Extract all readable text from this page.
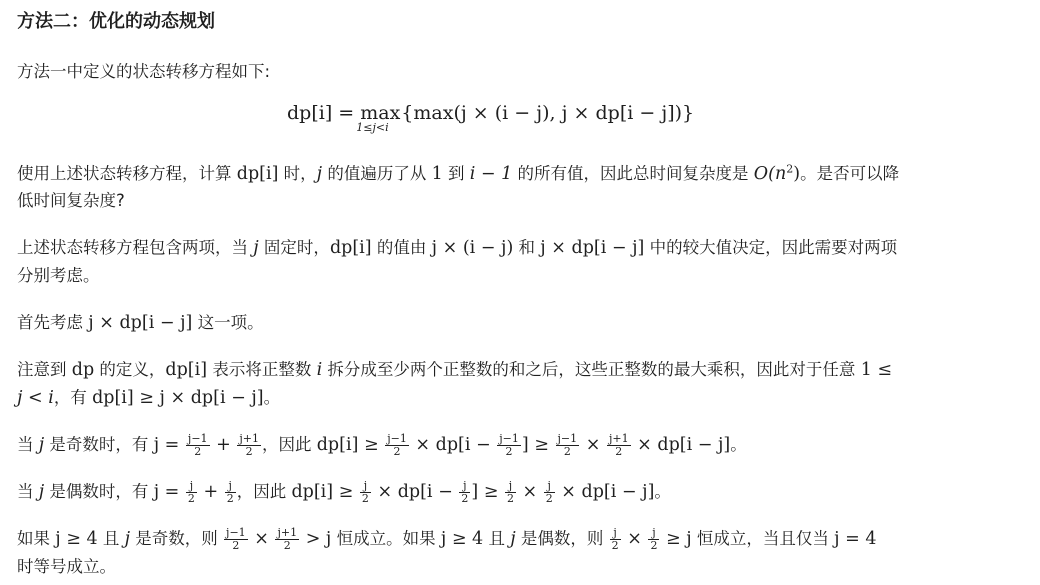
方法二：优化的动态规划
方法一中定义的状态转移方程如下:
dp[i] = max
1≤j<i
{max(j × (i − j), j × dp[i − j])}
使用上述状态转移方程，计算 dp[i] 时，j 的值遍历了从 1 到 i − 1 的所有值，因此总时间复杂度是 $O(n^2)$。是否可以降
低时间复杂度?
上述状态转移方程包含两项，当 j 固定时，dp[i] 的值由 j × (i − j) 和 j × dp[i − j] 中的较大值决定，因此需要对两项
分别考虑。
首先考虑 j × dp[i − j] 这一项。
注意到 dp 的定义，dp[i] 表示将正整数 i 拆分成至少两个正整数的和之后，这些正整数的最大乘积，因此对于任意 1 ≤
j < i，有 dp[i] ≥ j × dp[i − j]。
当 j 是奇数时，有 $j = \frac{j-1}{2} + \frac{j+1}{2}$ ，因此 $dp[i] \ge \frac{j-1}{2} \times dp[i - \frac{j-1}{2}$ ] ≥ $\frac{j-1}{2} \times \frac{j+1}{2} \times dp[i - j]$。
当 j 是偶数时，有 $j = \frac{j}{2} + \frac{j}{2}$ ，因此 $dp[i] \ge \frac{j}{2} \times dp[i - \frac{j}{2}$ ] ≥ $\frac{j}{2} \times \frac{j}{2} \times dp[i - j]$。
如果 j ≥ 4 且 j 是奇数，则 $\frac{j-1}{2} \times \frac{j+1}{2} > j$ 恒成立。如果 j ≥ 4 且 j 是偶数，则 $\frac{j}{2} \times \frac{j}{2} \ge j$ 恒成立，当且仅当 j = 4
时等号成立。
